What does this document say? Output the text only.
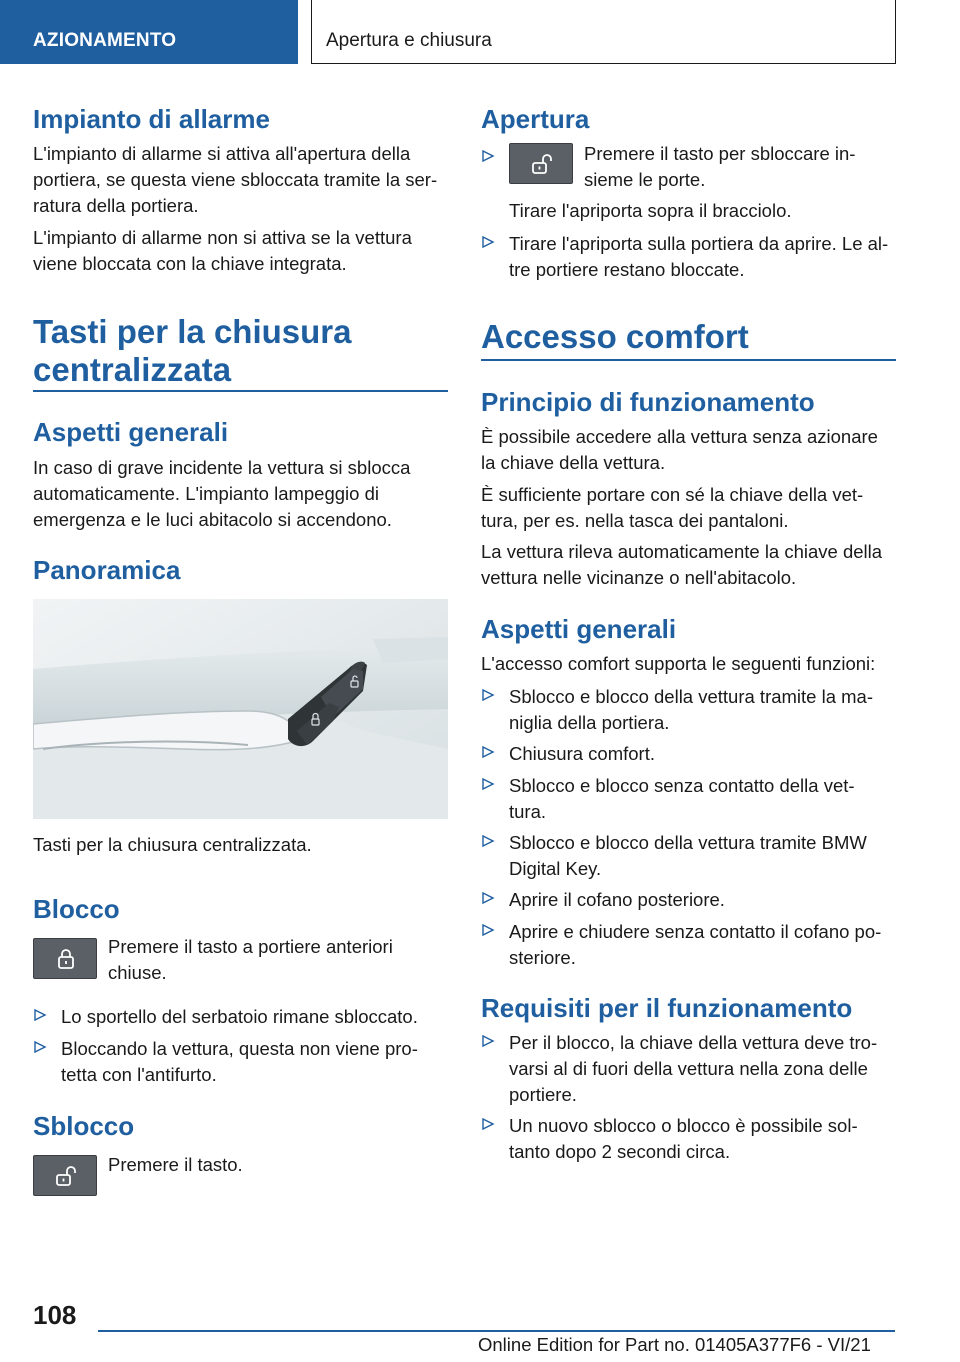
AZIONAMENTO	Apertura e chiusura
Impianto di allarme
L'impianto di allarme si attiva all'apertura della
portiera, se questa viene sbloccata tramite la ser‐
ratura della portiera.
L'impianto di allarme non si attiva se la vettura
viene bloccata con la chiave integrata.
Tasti per la chiusura
centralizzata
Aspetti generali
In caso di grave incidente la vettura si sblocca
automaticamente. L'impianto lampeggio di
emergenza e le luci abitacolo si accendono.
Panoramica
Tasti per la chiusura centralizzata.
Blocco
Premere il tasto a portiere anteriori
chiuse.
Lo sportello del serbatoio rimane sbloccato.
Bloccando la vettura, questa non viene pro‐
tetta con l'antifurto.
Sblocco
Premere il tasto.
Apertura
Premere il tasto per sbloccare in‐
sieme le porte.
Tirare l'apriporta sopra il bracciolo.
Tirare l'apriporta sulla portiera da aprire. Le al‐
tre portiere restano bloccate.
Accesso comfort
Principio di funzionamento
È possibile accedere alla vettura senza azionare
la chiave della vettura.
È sufficiente portare con sé la chiave della vet‐
tura, per es. nella tasca dei pantaloni.
La vettura rileva automaticamente la chiave della
vettura nelle vicinanze o nell'abitacolo.
Aspetti generali
L'accesso comfort supporta le seguenti funzioni:
Sblocco e blocco della vettura tramite la ma‐
niglia della portiera.
Chiusura comfort.
Sblocco e blocco senza contatto della vet‐
tura.
Sblocco e blocco della vettura tramite BMW
Digital Key.
Aprire il cofano posteriore.
Aprire e chiudere senza contatto il cofano po‐
steriore.
Requisiti per il funzionamento
Per il blocco, la chiave della vettura deve tro‐
varsi al di fuori della vettura nella zona delle
portiere.
Un nuovo sblocco o blocco è possibile sol‐
tanto dopo 2 secondi circa.
108
Online Edition for Part no. 01405A377F6 - VI/21
